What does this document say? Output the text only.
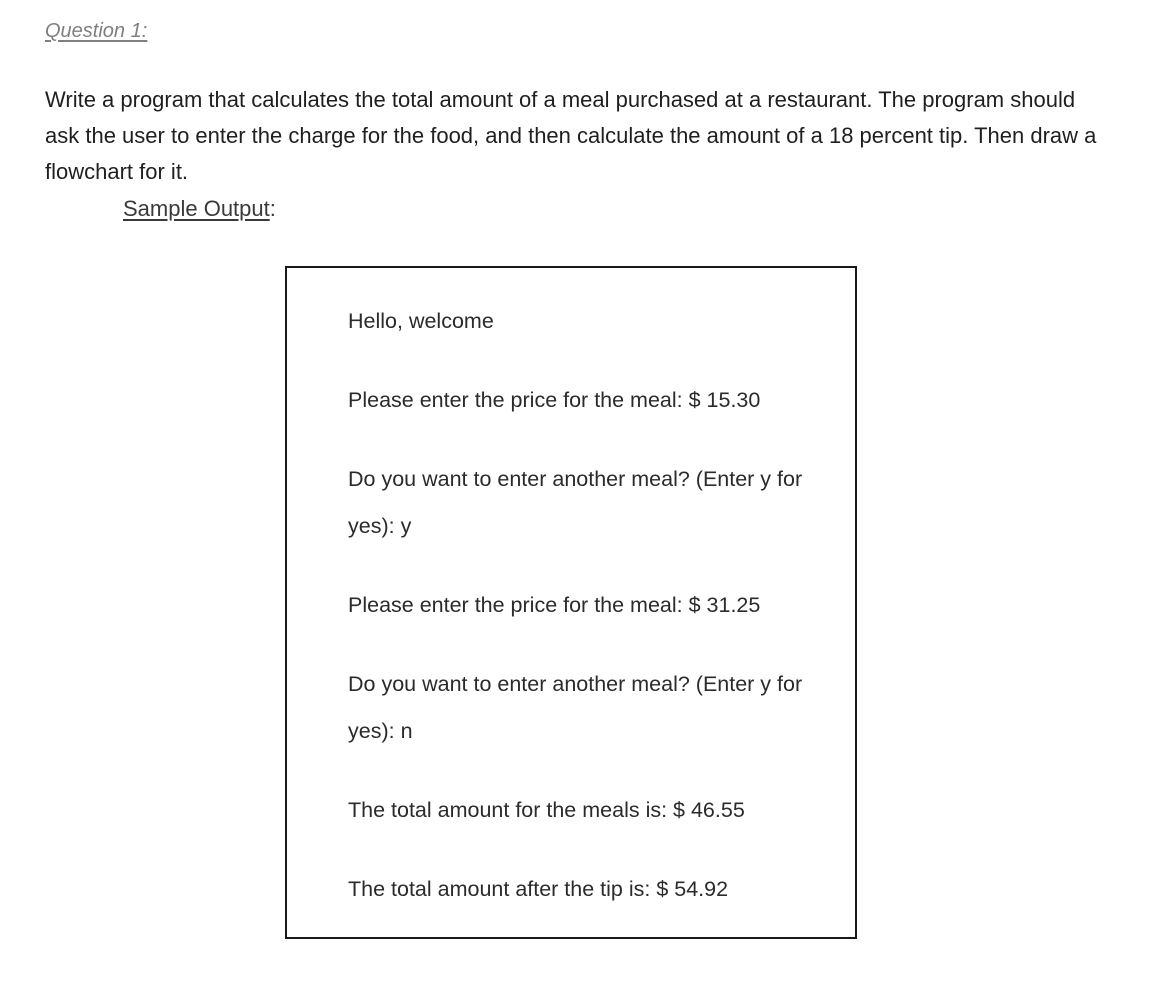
Question 1:

Write a program that calculates the total amount of a meal purchased at a restaurant. The program should ask the user to enter the charge for the food, and then calculate the amount of a 18 percent tip. Then draw a flowchart for it.

Sample Output:

Hello, welcome

Please enter the price for the meal: $ 15.30

Do you want to enter another meal? (Enter y for yes): y

Please enter the price for the meal: $ 31.25

Do you want to enter another meal? (Enter y for yes): n

The total amount for the meals is: $ 46.55

The total amount after the tip is: $ 54.92
